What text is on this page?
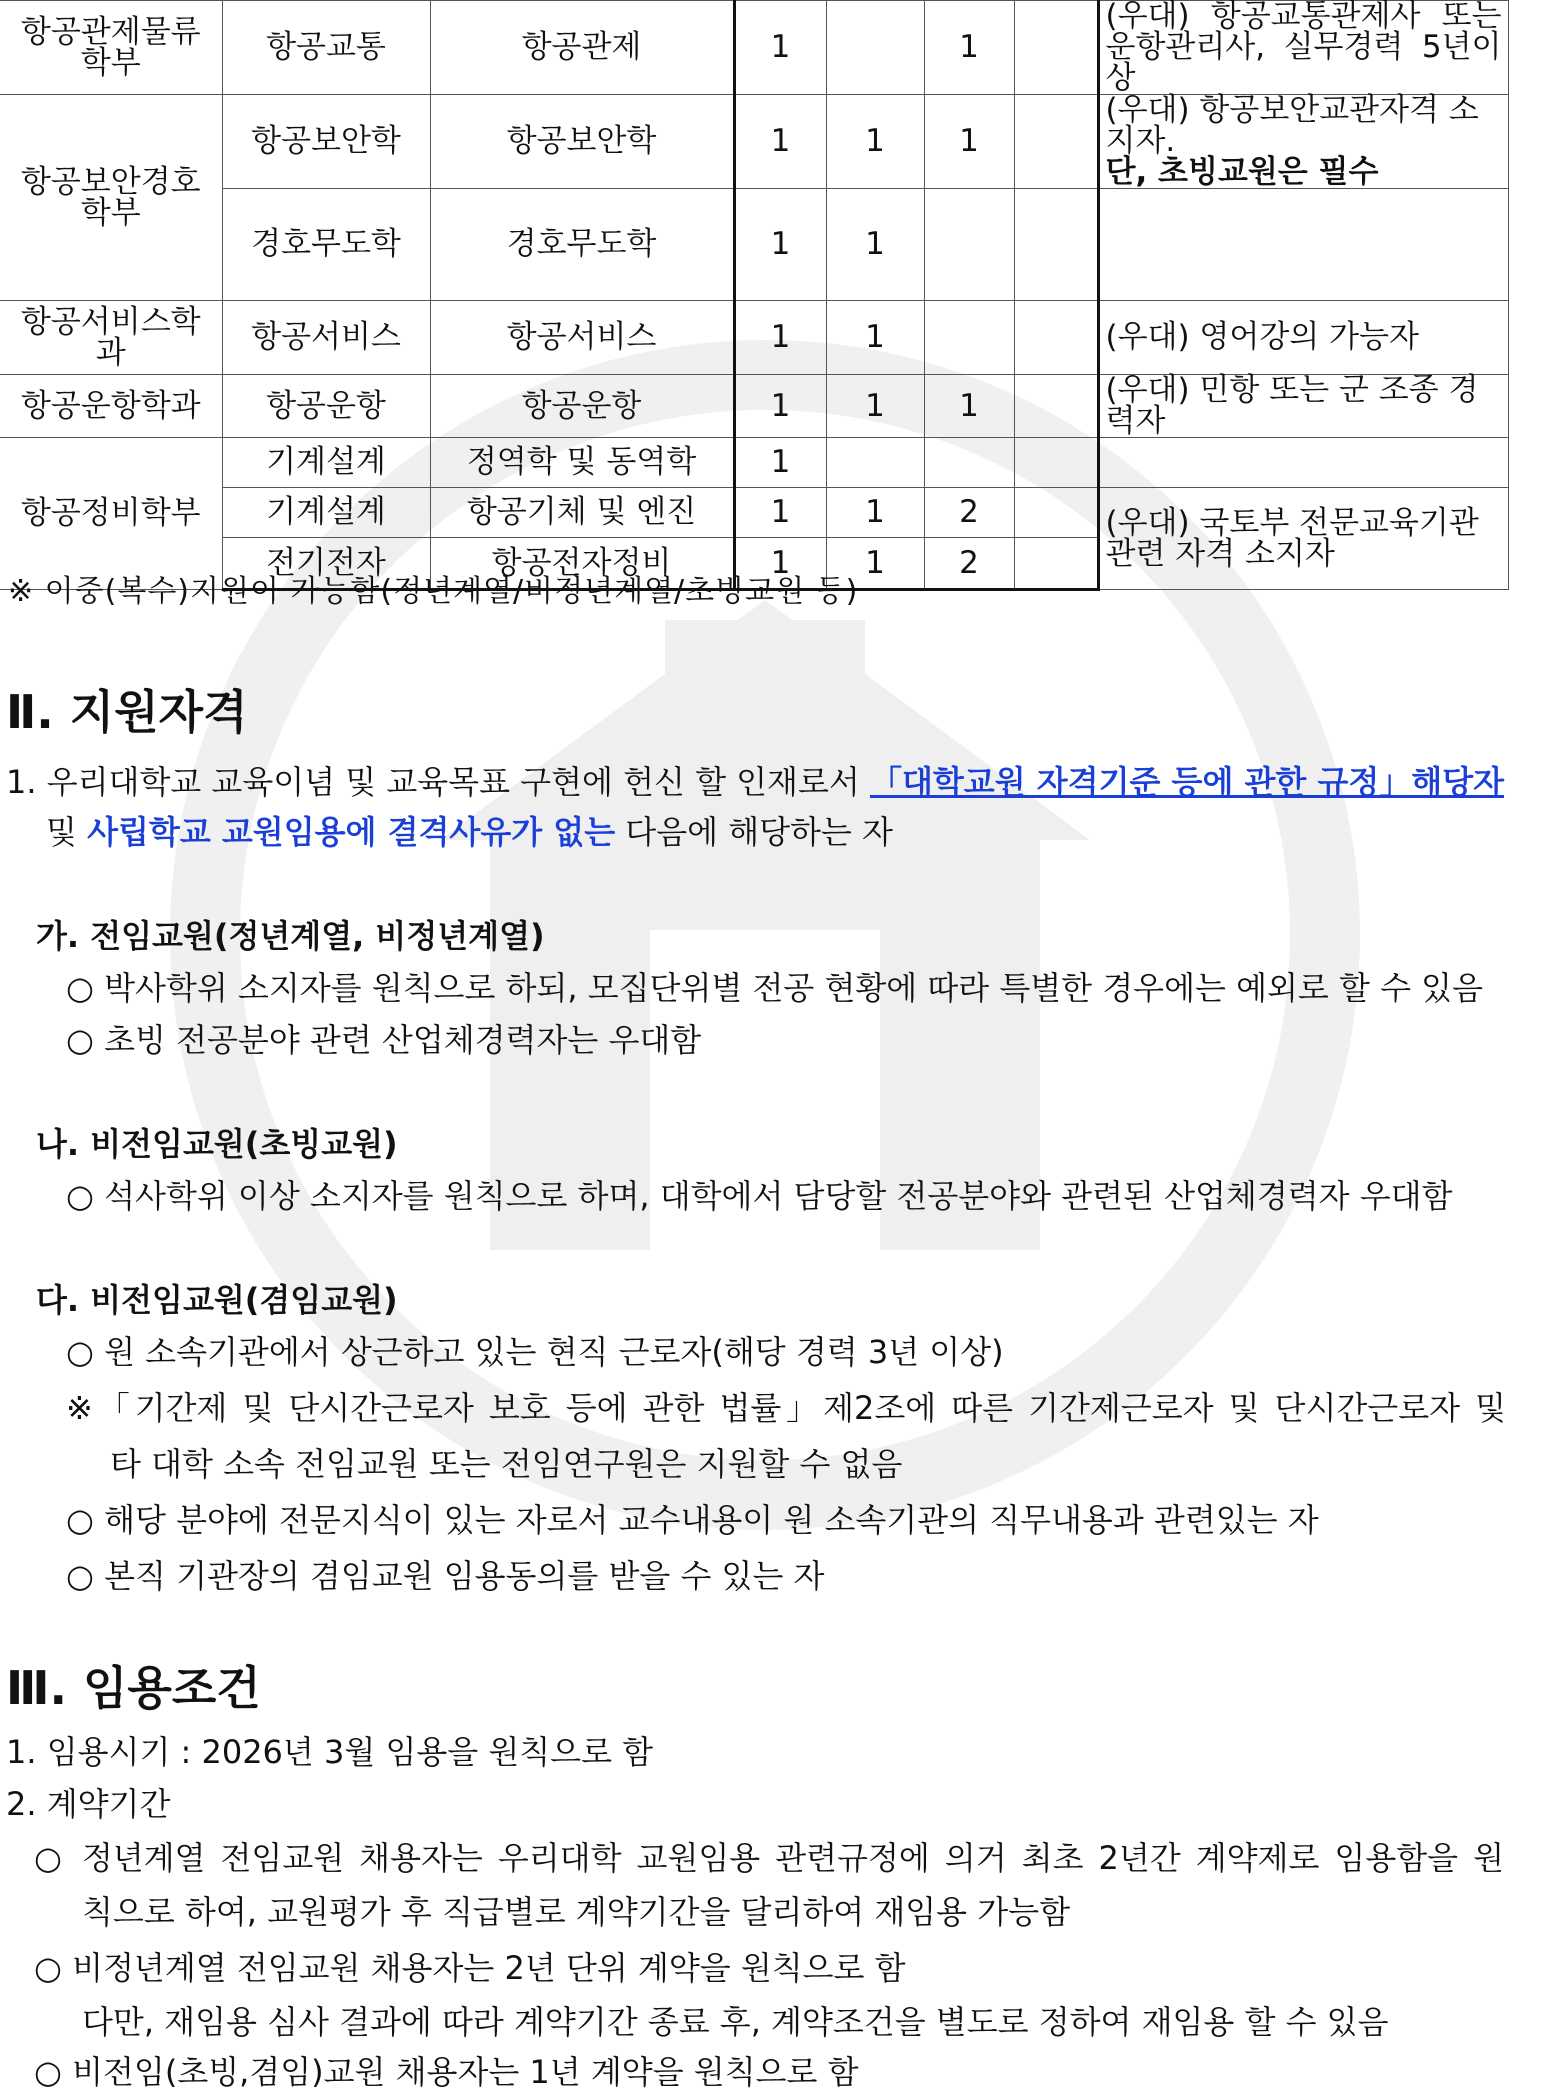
항공관제물류학부	항공교통	항공관제	1		1		(우대) 항공교통관제사 또는 운항관리사, 실무경력 5년이상
항공보안경호학부	항공보안학	항공보안학	1	1	1		(우대) 항공보안교관자격 소지자.
단, 초빙교원은 필수
	경호무도학	경호무도학	1	1			
항공서비스학과	항공서비스	항공서비스	1	1			(우대) 영어강의 가능자
항공운항학과	항공운항	항공운항	1	1	1		(우대) 민항 또는 군 조종 경력자
항공정비학부	기계설계	정역학 및 동역학	1				
	기계설계	항공기체 및 엔진	1	1	2		(우대) 국토부 전문교육기관 관련 자격 소지자
	전기전자	항공전자정비	1	1	2		
※ 이중(복수)지원이 가능함(정년계열/비정년계열/초빙교원 등)
Ⅱ. 지원자격
1. 우리대학교 교육이념 및 교육목표 구현에 헌신 할 인재로서 「대학교원 자격기준 등에 관한 규정」해당자
및 사립학교 교원임용에 결격사유가 없는 다음에 해당하는 자
가. 전임교원(정년계열, 비정년계열)
○ 박사학위 소지자를 원칙으로 하되, 모집단위별 전공 현황에 따라 특별한 경우에는 예외로 할 수 있음
○ 초빙 전공분야 관련 산업체경력자는 우대함
나. 비전임교원(초빙교원)
○ 석사학위 이상 소지자를 원칙으로 하며, 대학에서 담당할 전공분야와 관련된 산업체경력자 우대함
다. 비전임교원(겸임교원)
○ 원 소속기관에서 상근하고 있는 현직 근로자(해당 경력 3년 이상)
※「기간제 및 단시간근로자 보호 등에 관한 법률」제2조에 따른 기간제근로자 및 단시간근로자 및
타 대학 소속 전임교원 또는 전임연구원은 지원할 수 없음
○ 해당 분야에 전문지식이 있는 자로서 교수내용이 원 소속기관의 직무내용과 관련있는 자
○ 본직 기관장의 겸임교원 임용동의를 받을 수 있는 자
Ⅲ. 임용조건
1. 임용시기 : 2026년 3월 임용을 원칙으로 함
2. 계약기간
○ 정년계열 전임교원 채용자는 우리대학 교원임용 관련규정에 의거 최초 2년간 계약제로 임용함을 원
칙으로 하여, 교원평가 후 직급별로 계약기간을 달리하여 재임용 가능함
○ 비정년계열 전임교원 채용자는 2년 단위 계약을 원칙으로 함
다만, 재임용 심사 결과에 따라 계약기간 종료 후, 계약조건을 별도로 정하여 재임용 할 수 있음
○ 비전임(초빙,겸임)교원 채용자는 1년 계약을 원칙으로 함
